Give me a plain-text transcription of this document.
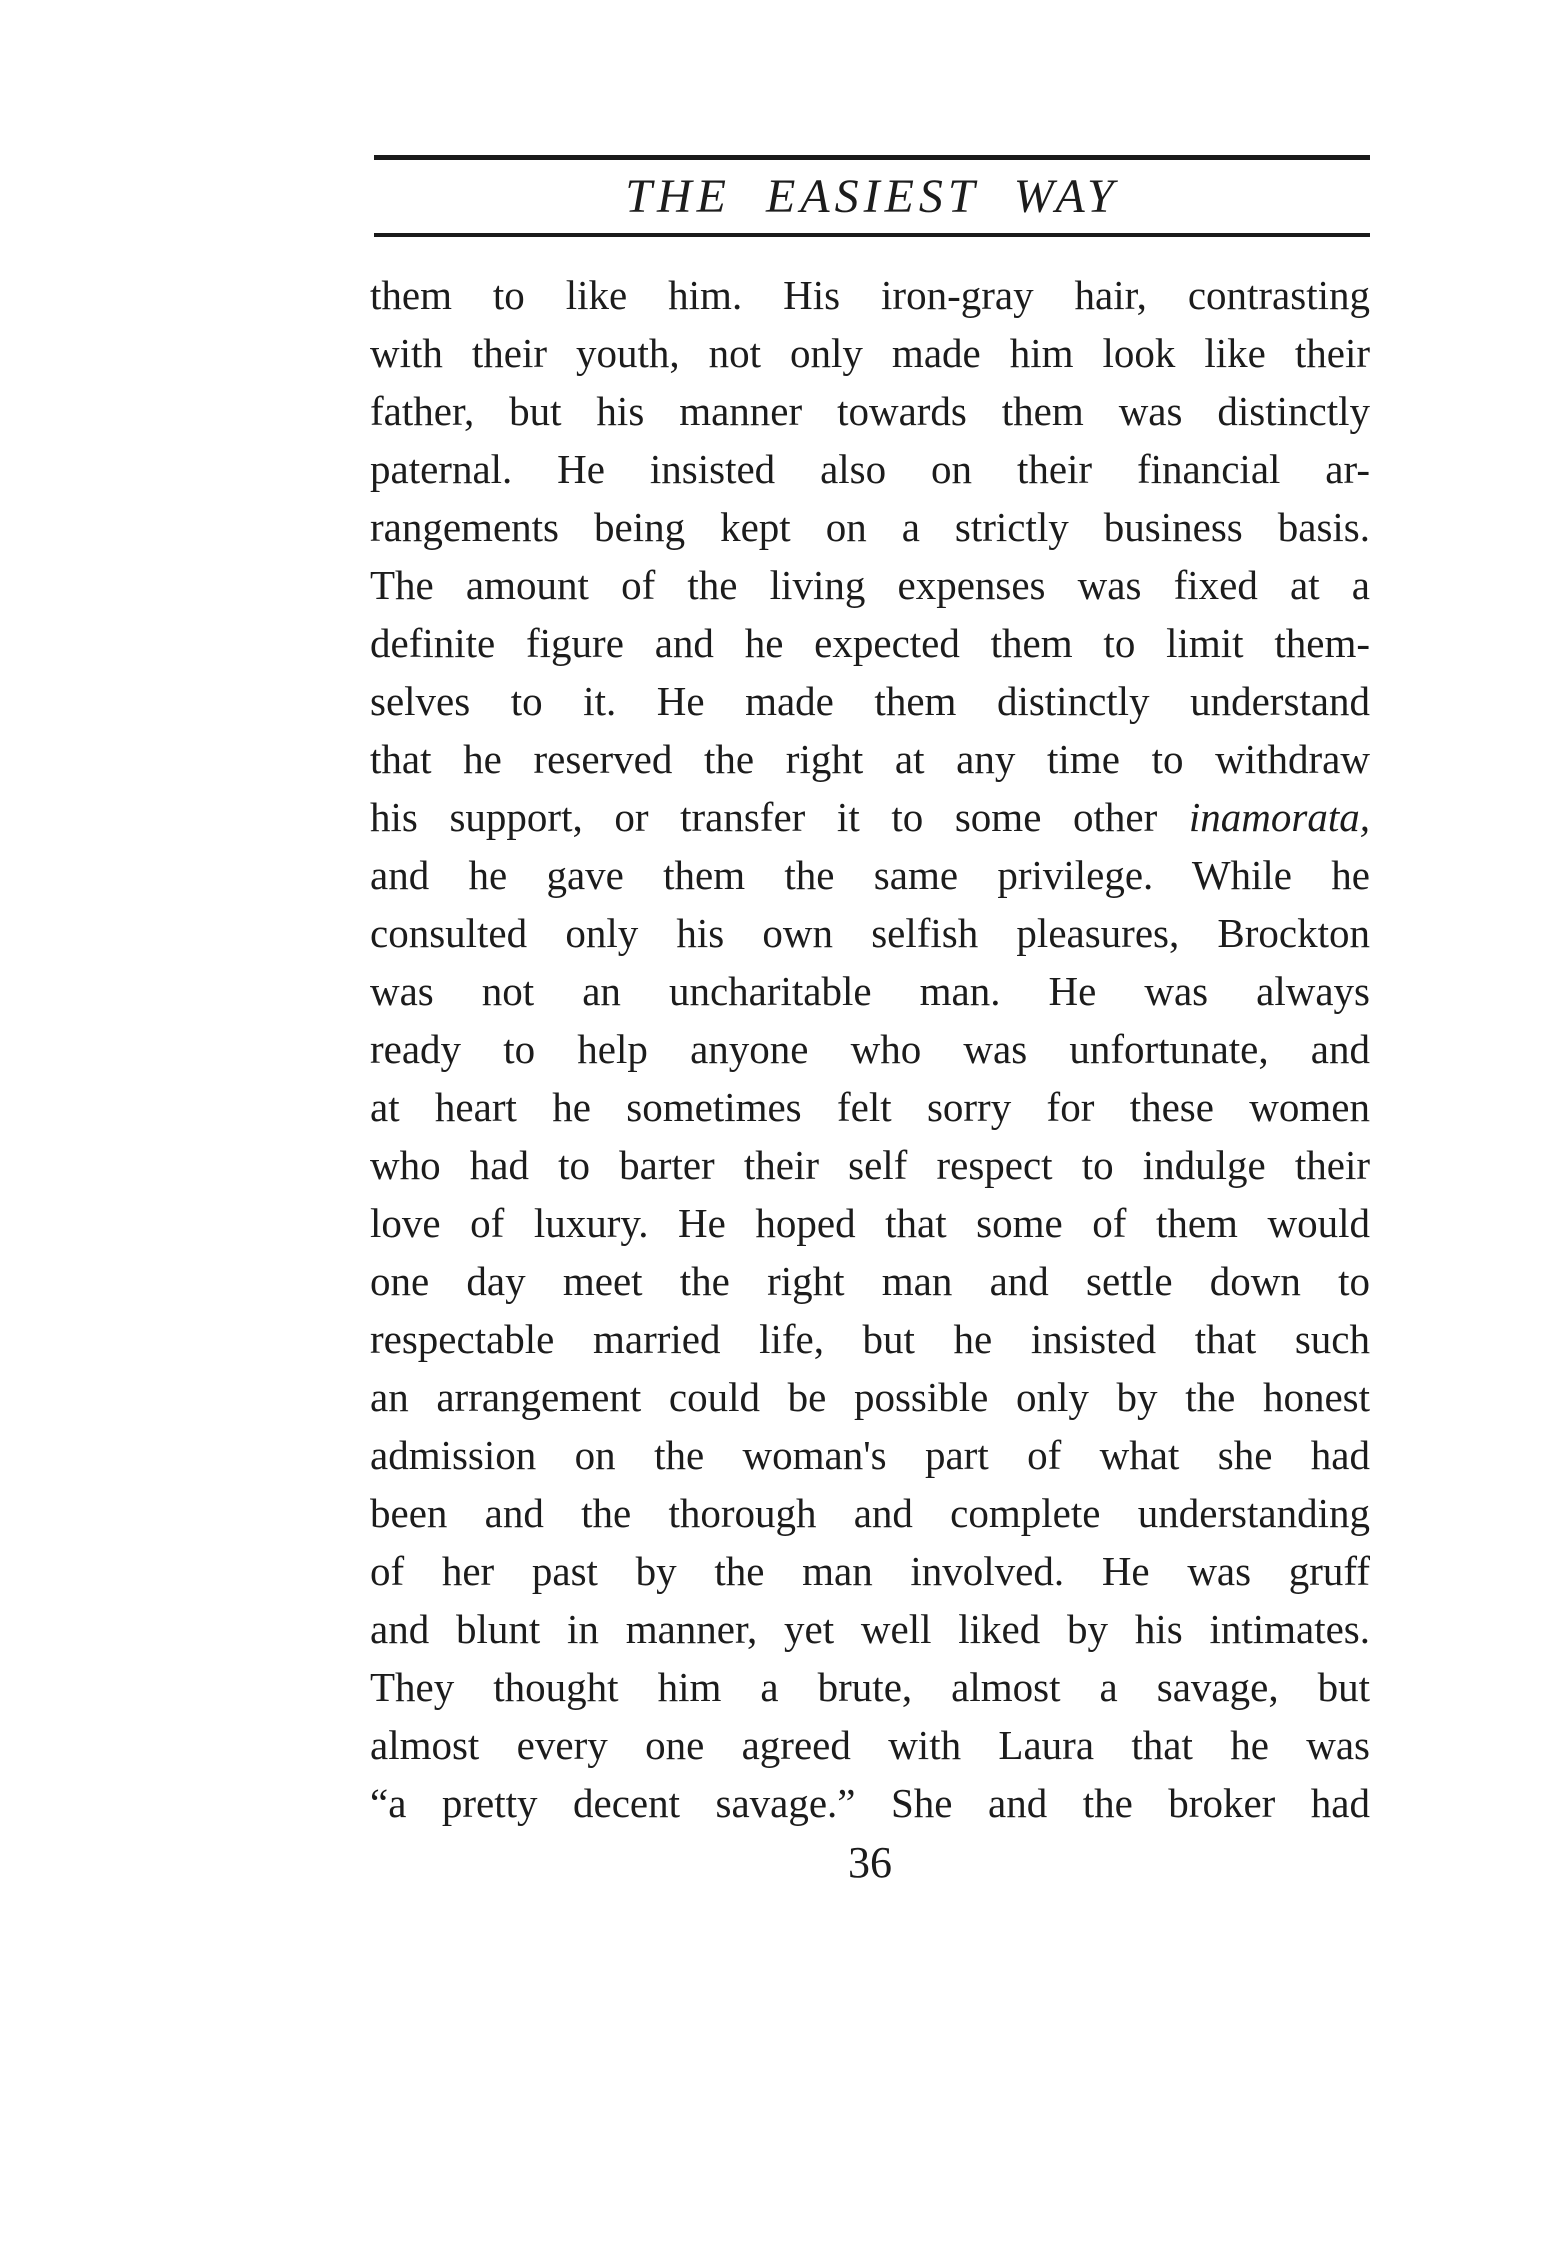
THE EASIEST WAY
them to like him. His iron-gray hair, contrasting
with their youth, not only made him look like their
father, but his manner towards them was distinctly
paternal. He insisted also on their financial ar-
rangements being kept on a strictly business basis.
The amount of the living expenses was fixed at a
definite figure and he expected them to limit them-
selves to it. He made them distinctly understand
that he reserved the right at any time to withdraw
his support, or transfer it to some other inamorata,
and he gave them the same privilege. While he
consulted only his own selfish pleasures, Brockton
was not an uncharitable man. He was always
ready to help anyone who was unfortunate, and
at heart he sometimes felt sorry for these women
who had to barter their self respect to indulge their
love of luxury. He hoped that some of them would
one day meet the right man and settle down to
respectable married life, but he insisted that such
an arrangement could be possible only by the honest
admission on the woman's part of what she had
been and the thorough and complete understanding
of her past by the man involved. He was gruff
and blunt in manner, yet well liked by his intimates.
They thought him a brute, almost a savage, but
almost every one agreed with Laura that he was
“a pretty decent savage.” She and the broker had
36
